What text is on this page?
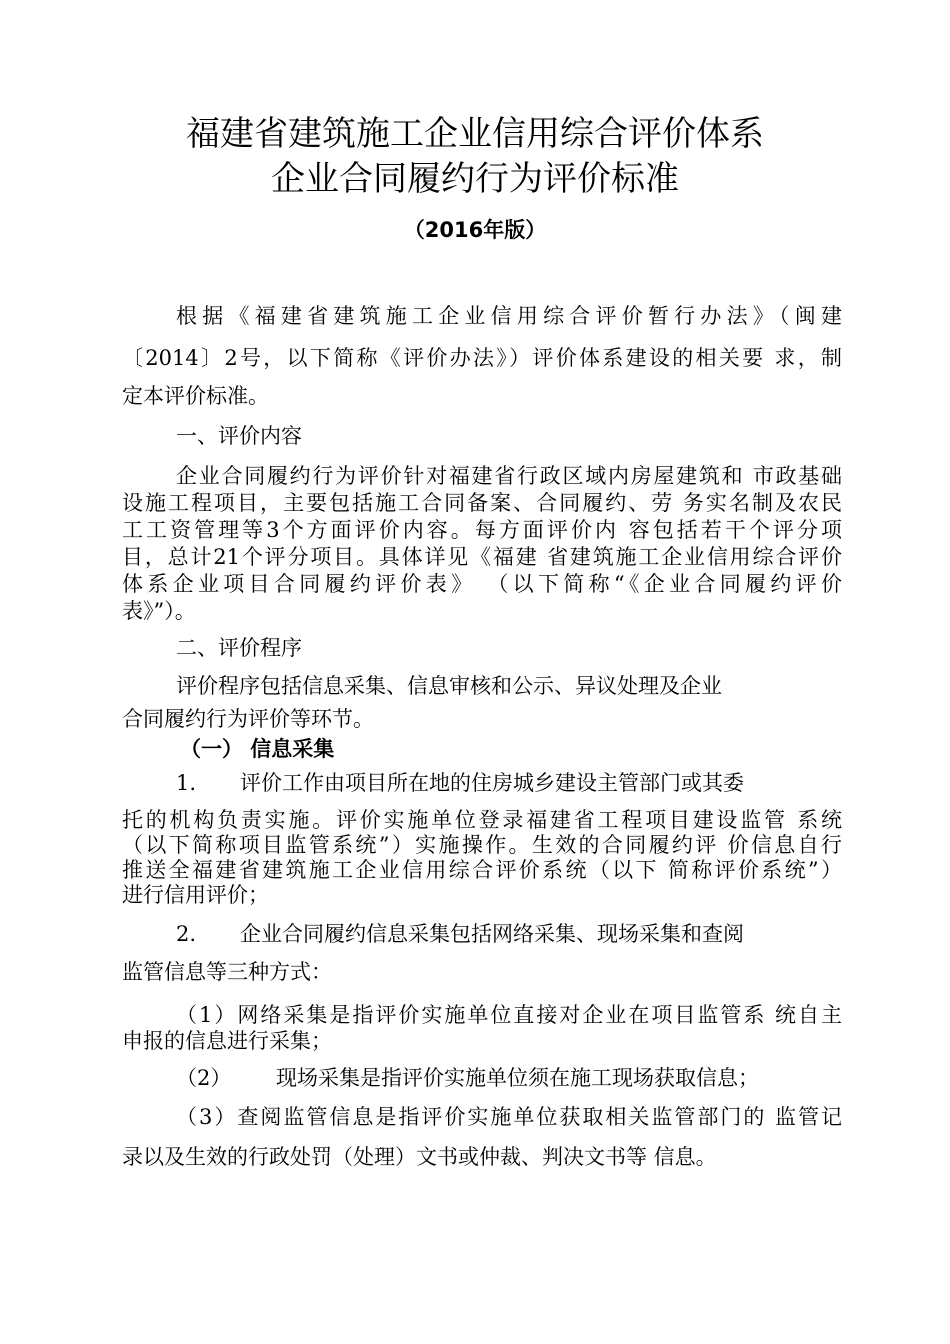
福建省建筑施工企业信用综合评价体系
企业合同履约行为评价标准
（2016年版）
根据《福建省建筑施工企业信用综合评价暂行办法》（闽建
〔2014〕2号，以下简称《评价办法》）评价体系建设的相关要 求，制
定本评价标准。
一、评价内容
企业合同履约行为评价针对福建省行政区域内房屋建筑和 市政基础
设施工程项目，主要包括施工合同备案、合同履约、劳 务实名制及农民
工工资管理等3个方面评价内容。每方面评价内 容包括若干个评分项
目，总计21个评分项目。具体详见《福建 省建筑施工企业信用综合评价
体系企业项目合同履约评价表》 （以下简称“《企业合同履约评价
表》”）。
二、评价程序
评价程序包括信息采集、信息审核和公示、异议处理及企业
合同履约行为评价等环节。
（一） 信息采集
1. 评价工作由项目所在地的住房城乡建设主管部门或其委
托的机构负责实施。评价实施单位登录福建省工程项目建设监管 系统
（以下简称项目监管系统”）实施操作。生效的合同履约评 价信息自行
推送全福建省建筑施工企业信用综合评价系统（以下 简称评价系统”）
进行信用评价；
2. 企业合同履约信息采集包括网络采集、现场采集和查阅
监管信息等三种方式：
（1）网络采集是指评价实施单位直接对企业在项目监管系 统自主
申报的信息进行采集；
（2） 现场采集是指评价实施单位须在施工现场获取信息；
（3）查阅监管信息是指评价实施单位获取相关监管部门的 监管记
录以及生效的行政处罚（处理）文书或仲裁、判决文书等 信息。
